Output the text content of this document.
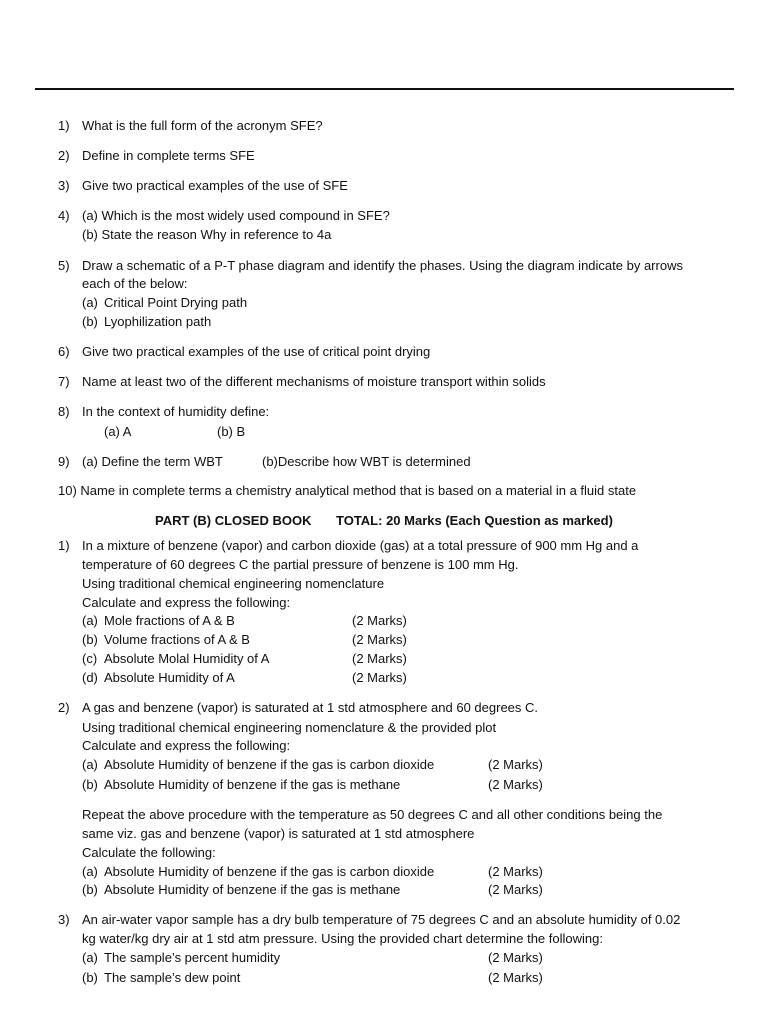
1) What is the full form of the acronym SFE?
2) Define in complete terms SFE
3) Give two practical examples of the use of SFE
4) (a) Which is the most widely used compound in SFE?
(b) State the reason Why in reference to 4a
5) Draw a schematic of a P-T phase diagram and identify the phases. Using the diagram indicate by arrows
each of the below:
(a) Critical Point Drying path
(b) Lyophilization path
6) Give two practical examples of the use of critical point drying
7) Name at least two of the different mechanisms of moisture transport within solids
8) In the context of humidity define:
(a) A	(b) B
9) (a) Define the term WBT	(b)Describe how WBT is determined
10) Name in complete terms a chemistry analytical method that is based on a material in a fluid state
PART (B) CLOSED BOOK TOTAL: 20 Marks (Each Question as marked)
1) In a mixture of benzene (vapor) and carbon dioxide (gas) at a total pressure of 900 mm Hg and a
temperature of 60 degrees C the partial pressure of benzene is 100 mm Hg.
Using traditional chemical engineering nomenclature
Calculate and express the following:
(a) Mole fractions of A & B	(2 Marks)
(b) Volume fractions of A & B	(2 Marks)
(c) Absolute Molal Humidity of A	(2 Marks)
(d) Absolute Humidity of A	(2 Marks)
2) A gas and benzene (vapor) is saturated at 1 std atmosphere and 60 degrees C.
Using traditional chemical engineering nomenclature & the provided plot
Calculate and express the following:
(a) Absolute Humidity of benzene if the gas is carbon dioxide	(2 Marks)
(b) Absolute Humidity of benzene if the gas is methane	(2 Marks)
Repeat the above procedure with the temperature as 50 degrees C and all other conditions being the
same viz. gas and benzene (vapor) is saturated at 1 std atmosphere
Calculate the following:
(a) Absolute Humidity of benzene if the gas is carbon dioxide	(2 Marks)
(b) Absolute Humidity of benzene if the gas is methane	(2 Marks)
3) An air-water vapor sample has a dry bulb temperature of 75 degrees C and an absolute humidity of 0.02
kg water/kg dry air at 1 std atm pressure. Using the provided chart determine the following:
(a) The sample’s percent humidity	(2 Marks)
(b) The sample’s dew point	(2 Marks)
